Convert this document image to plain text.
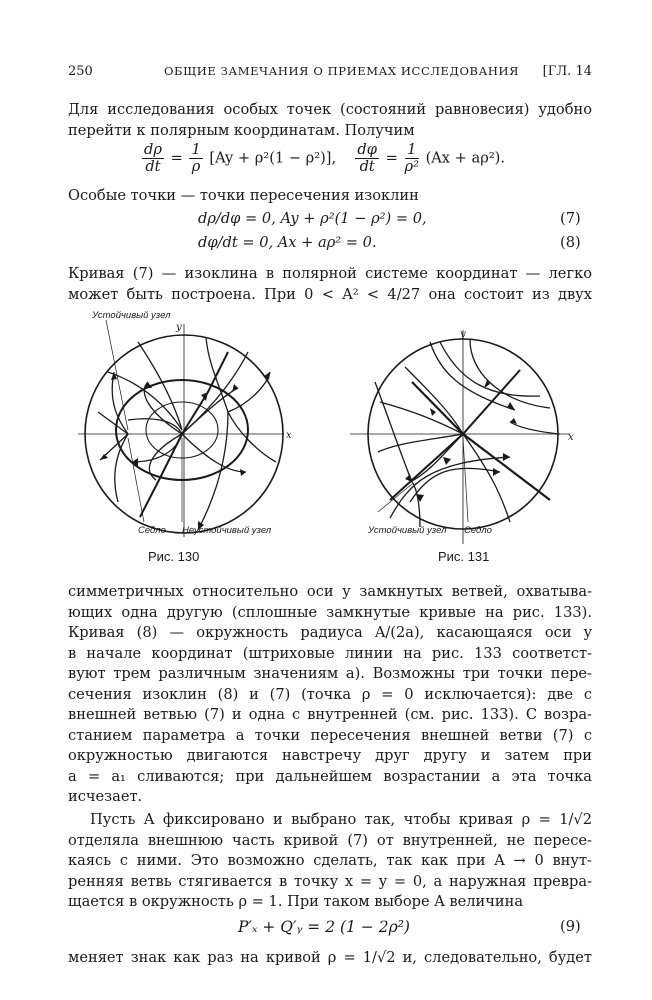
250	ОБЩИЕ ЗАМЕЧАНИЯ О ПРИЕМАХ ИССЛЕДОВАНИЯ [ГЛ. 14
Для исследования особых точек (состояний равновесия) удобно
перейти к полярным координатам. Получим
$\frac{d\rho}{dt} = \frac{1}{\rho} [Ay + \rho^2(1 - \rho^2)]$, $\frac{d\varphi}{dt} = \frac{1}{\text{ρ²}} (Ax + a\rho^2)$.
Особые точки — точки пересечения изоклин
dρ/dφ = 0, Ay + ρ²(1 − ρ²) = 0,	(7)
dφ/dt = 0, Ax + aρ² = 0.	(8)
Кривая (7) — изоклина в полярной системе координат — легко
может быть построена. При 0 < A² < 4/27 она состоит из двух
Устойчивый узел
Седло Неустойчивый узел
y
x
Рис. 130
Устойчивый узел Седло
y
x
Рис. 131
симметричных относительно оси y замкнутых ветвей, охватыва-
ющих одна другую (сплошные замкнутые кривые на рис. 133).
Кривая (8) — окружность радиуса A/(2a), касающаяся оси y
в начале координат (штриховые линии на рис. 133 соответст-
вуют трем различным значениям a). Возможны три точки пере-
сечения изоклин (8) и (7) (точка ρ = 0 исключается): две с
внешней ветвью (7) и одна с внутренней (см. рис. 133). С возра-
станием параметра a точки пересечения внешней ветви (7) с
окружностью двигаются навстречу друг другу и затем при
a = a₁ сливаются; при дальнейшем возрастании a эта точка
исчезает.
Пусть A фиксировано и выбрано так, чтобы кривая ρ = 1/√2
отделяла внешнюю часть кривой (7) от внутренней, не пересе-
каясь с ними. Это возможно сделать, так как при A → 0 внут-
ренняя ветвь стягивается в точку x = y = 0, а наружная превра-
щается в окружность ρ = 1. При таком выборе A величина
P′ₓ + Q′ᵧ = 2 (1 − 2ρ²)	(9)
меняет знак как раз на кривой ρ = 1/√2 и, следовательно, будет
